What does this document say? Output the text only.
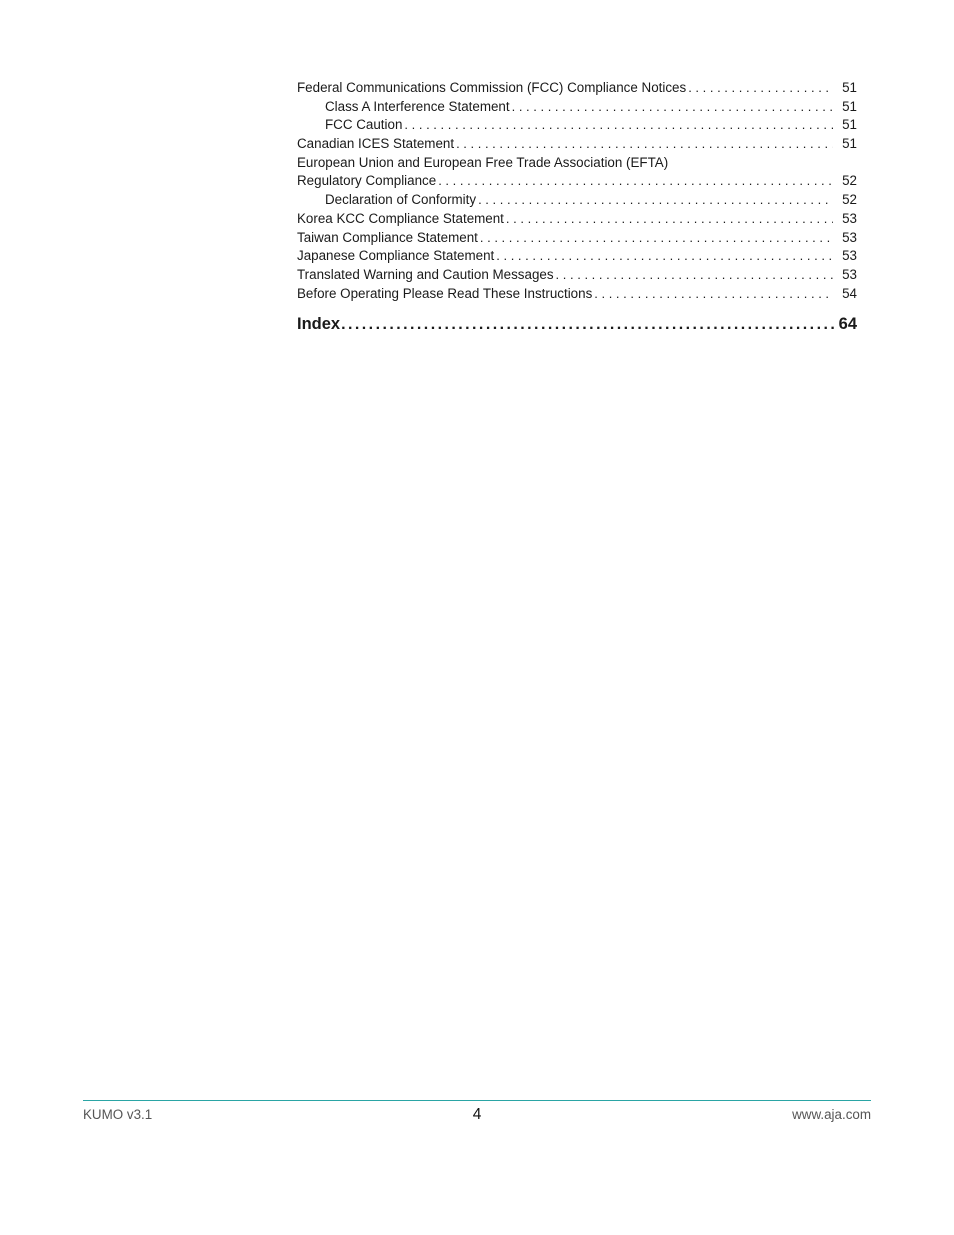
Federal Communications Commission (FCC) Compliance Notices . . .	51
Class A Interference Statement . . .	51
FCC Caution . . .	51
Canadian ICES Statement . . .	51
European Union and European Free Trade Association (EFTA)
Regulatory Compliance . . .	52
Declaration of Conformity . . .	52
Korea KCC Compliance Statement . . .	53
Taiwan Compliance Statement . . .	53
Japanese Compliance Statement . . .	53
Translated Warning and Caution Messages . . .	53
Before Operating Please Read These Instructions . . .	54
Index . . .	64
KUMO v3.1	4	www.aja.com
